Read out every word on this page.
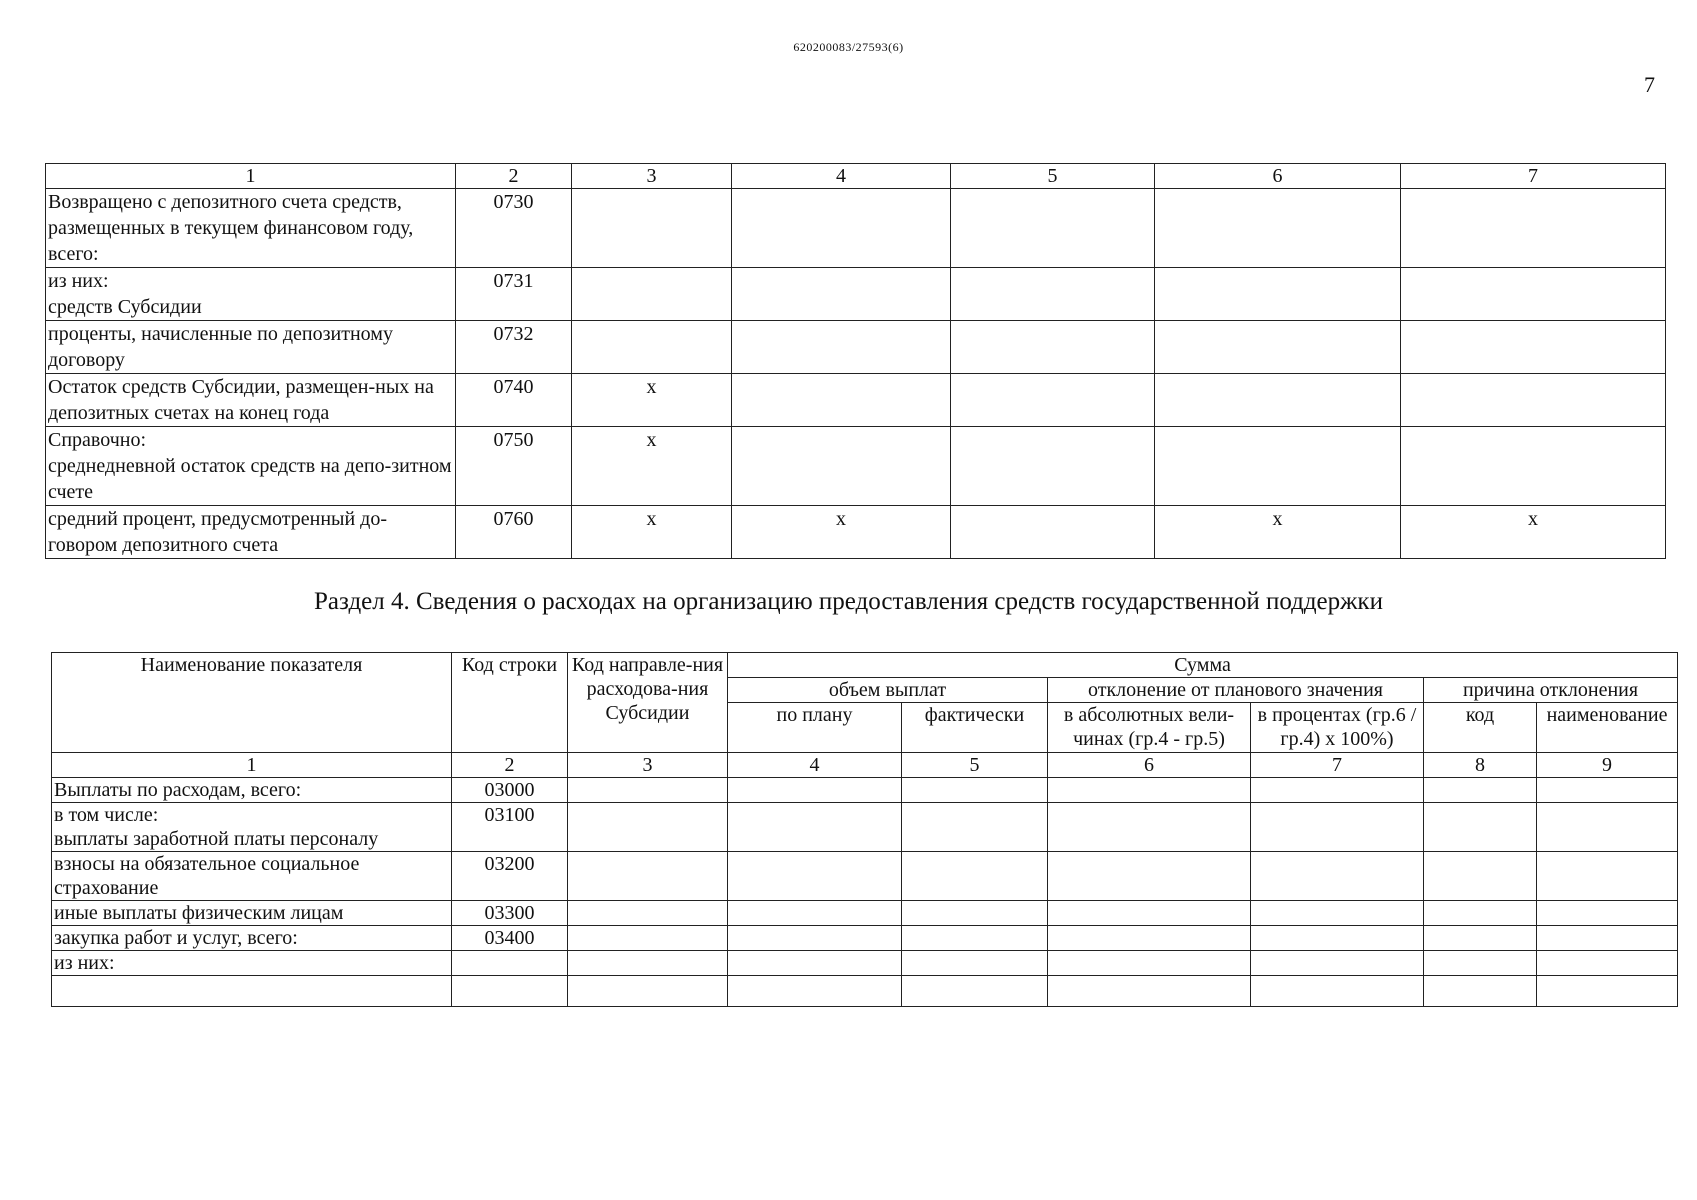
620200083/27593(6)
7
1	2	3	4	5	6	7
Возвращено с депозитного счета средств, размещенных в текущем финансовом году, всего:	0730					
из них:
средств Субсидии	0731					
проценты, начисленные по депозитному договору	0732					
Остаток средств Субсидии, размещен-ных на депозитных счетах на конец года	0740	х				
Справочно:
среднедневной остаток средств на депо-зитном счете	0750	х				
средний процент, предусмотренный до-говором депозитного счета	0760	х	х		х	х
Раздел 4. Сведения о расходах на организацию предоставления средств государственной поддержки
Наименование показателя	Код строки	Код направле-ния расходова-ния Субсидии	Сумма					
			объем выплат		отклонение от планового значения		причина отклонения	
			по плану	фактически	в абсолютных вели-чинах (гр.4 - гр.5)	в процентах (гр.6 / гр.4) х 100%)	код	наименование
1	2	3	4	5	6	7	8	9
Выплаты по расходам, всего:	03000							
в том числе:
выплаты заработной платы персоналу	03100							
взносы на обязательное социальное страхование	03200							
иные выплаты физическим лицам	03300							
закупка работ и услуг, всего:	03400							
из них:								
